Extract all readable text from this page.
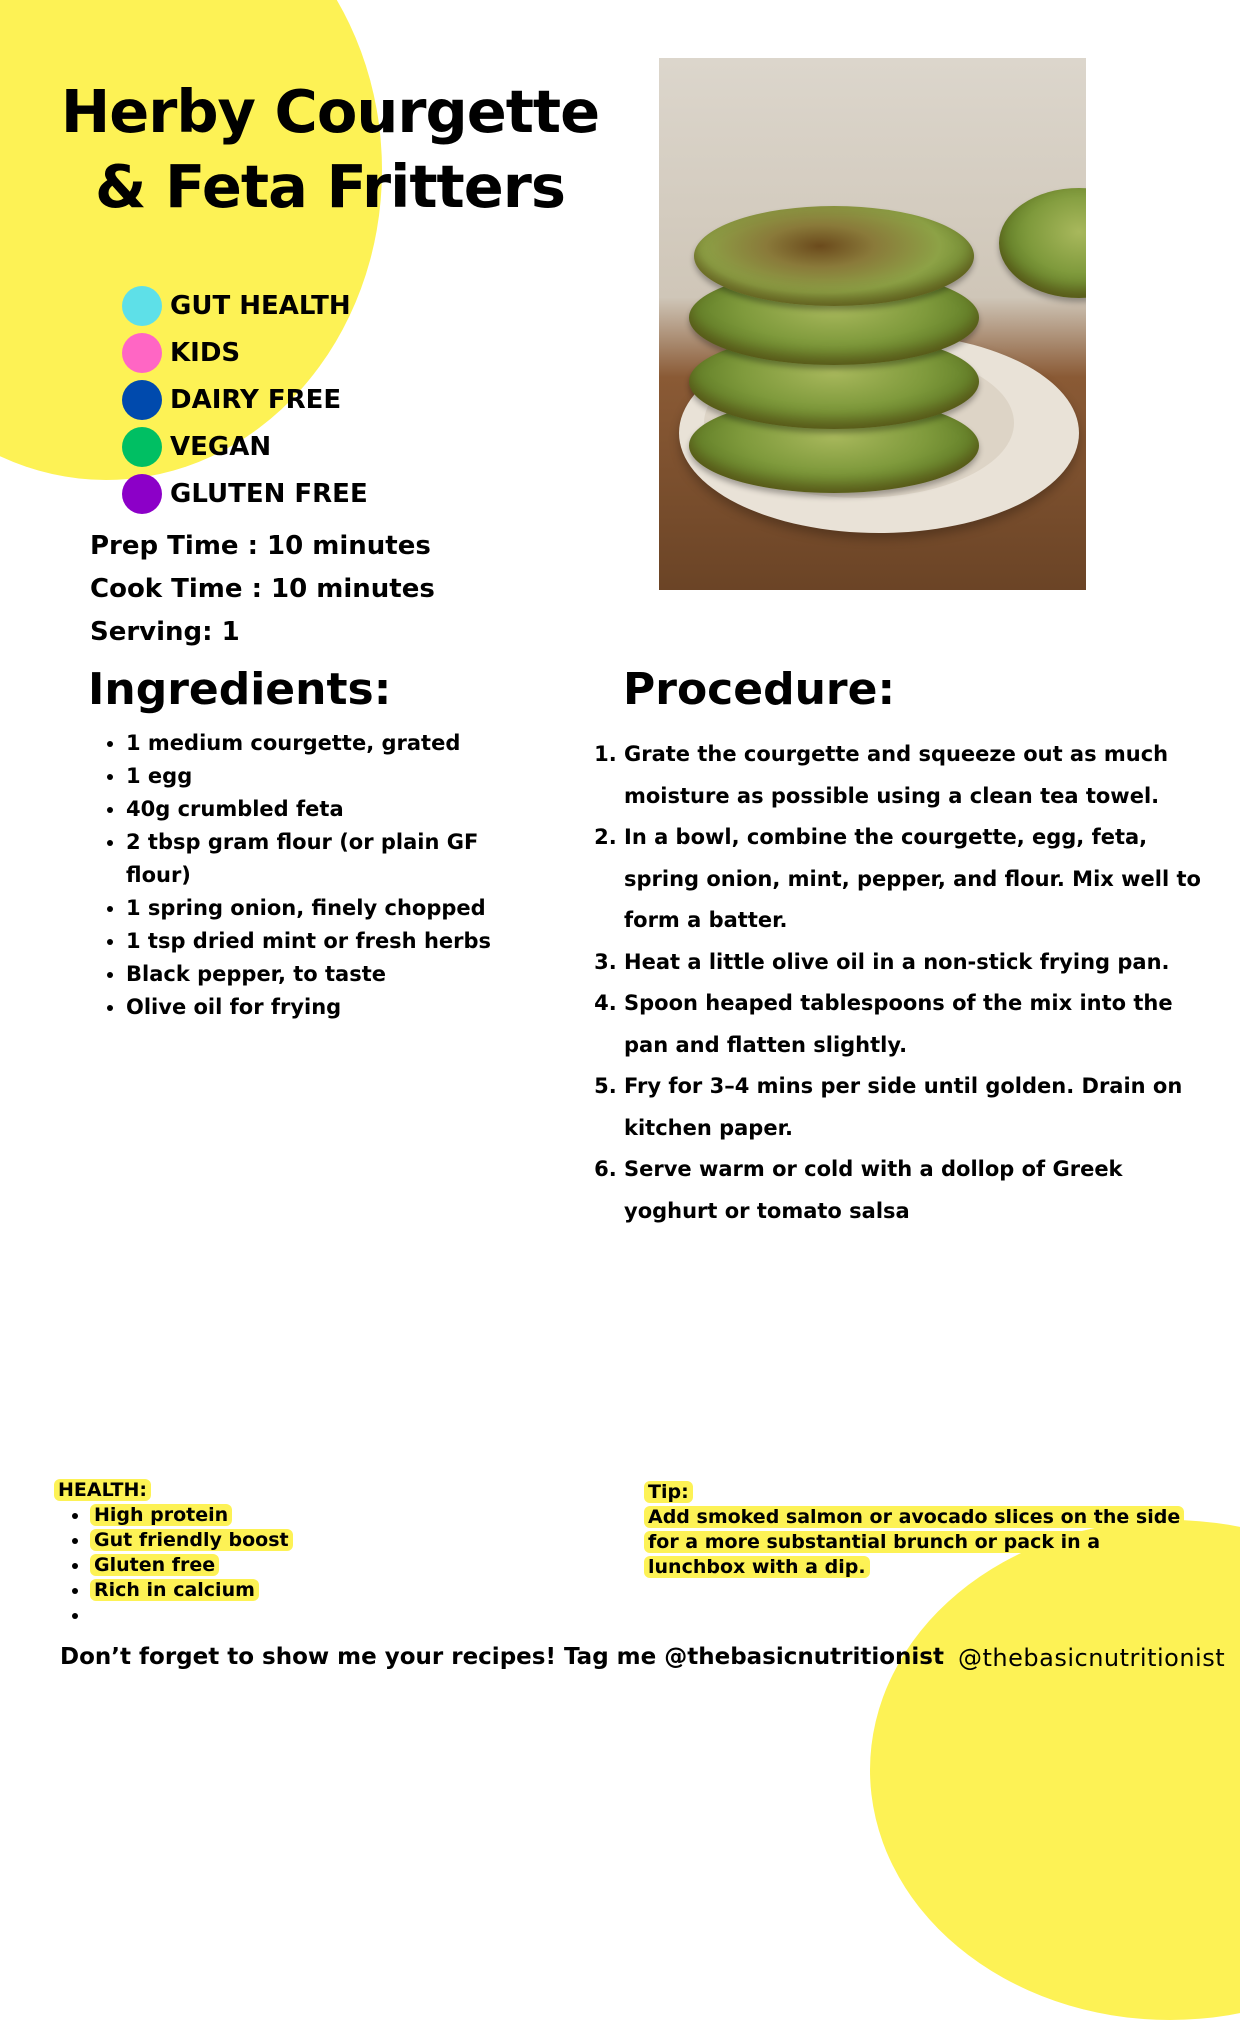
Herby Courgette & Feta Fritters
GUT HEALTH
KIDS
DAIRY FREE
VEGAN
GLUTEN FREE
Prep Time : 10 minutes
Cook Time : 10 minutes
Serving: 1
Ingredients:
• 1 medium courgette, grated
• 1 egg
• 40g crumbled feta
• 2 tbsp gram flour (or plain GF flour)
• 1 spring onion, finely chopped
• 1 tsp dried mint or fresh herbs
• Black pepper, to taste
• Olive oil for frying
Procedure:
1. Grate the courgette and squeeze out as much moisture as possible using a clean tea towel.
2. In a bowl, combine the courgette, egg, feta, spring onion, mint, pepper, and flour. Mix well to form a batter.
3. Heat a little olive oil in a non-stick frying pan.
4. Spoon heaped tablespoons of the mix into the pan and flatten slightly.
5. Fry for 3–4 mins per side until golden. Drain on kitchen paper.
6. Serve warm or cold with a dollop of Greek yoghurt or tomato salsa
HEALTH:
• High protein
• Gut friendly boost
• Gluten free
• Rich in calcium
•
Tip:
Add smoked salmon or avocado slices on the side for a more substantial brunch or pack in a lunchbox with a dip.
Don’t forget to show me your recipes! Tag me @thebasicnutritionist @thebasicnutritionist
